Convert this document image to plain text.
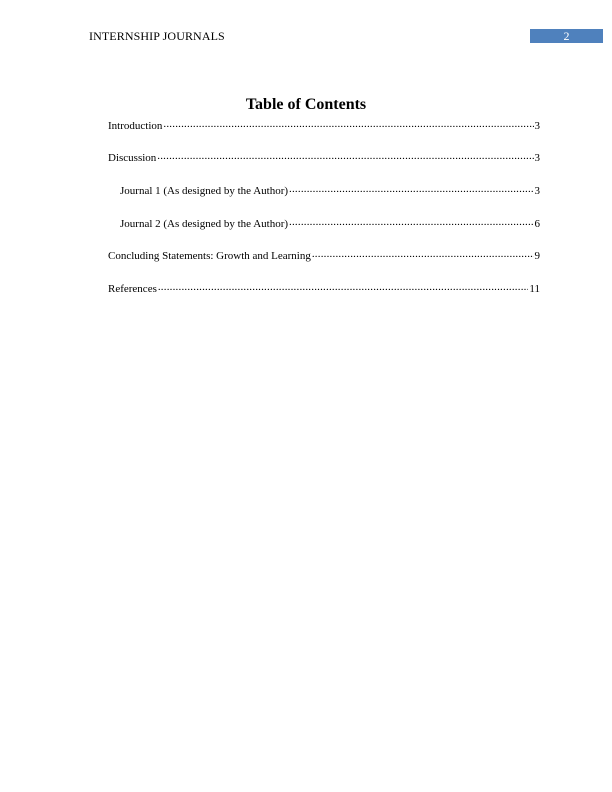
INTERNSHIP JOURNALS	2
Table of Contents
Introduction .....	3
Discussion .....	3
Journal 1 (As designed by the Author) .....	3
Journal 2 (As designed by the Author) .....	6
Concluding Statements: Growth and Learning .....	9
References .....	11
